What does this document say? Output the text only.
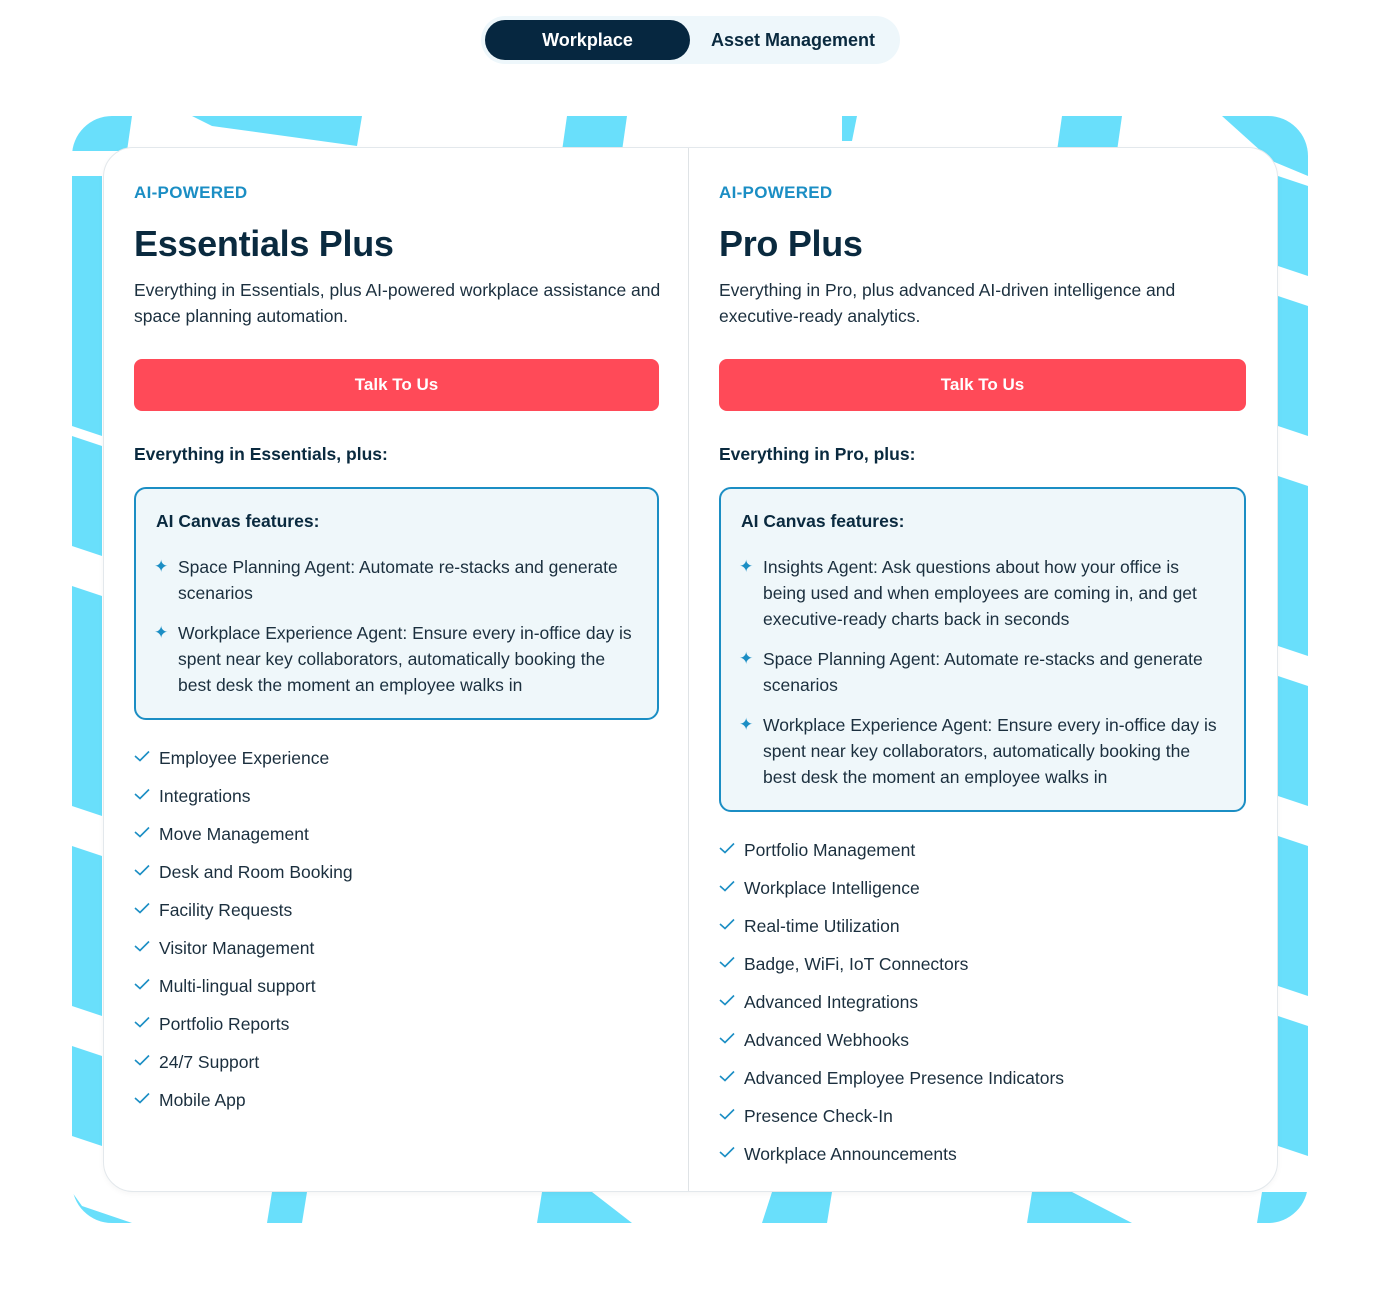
Workplace	Asset Management
AI-POWERED
Essentials Plus
Everything in Essentials, plus AI-powered workplace assistance and space planning automation.
Talk To Us
Everything in Essentials, plus:
AI Canvas features:
✦ Space Planning Agent: Automate re-stacks and generate scenarios
✦ Workplace Experience Agent: Ensure every in-office day is spent near key collaborators, automatically booking the best desk the moment an employee walks in
Employee Experience
Integrations
Move Management
Desk and Room Booking
Facility Requests
Visitor Management
Multi-lingual support
Portfolio Reports
24/7 Support
Mobile App
AI-POWERED
Pro Plus
Everything in Pro, plus advanced AI-driven intelligence and executive-ready analytics.
Talk To Us
Everything in Pro, plus:
AI Canvas features:
✦ Insights Agent: Ask questions about how your office is being used and when employees are coming in, and get executive-ready charts back in seconds
✦ Space Planning Agent: Automate re-stacks and generate scenarios
✦ Workplace Experience Agent: Ensure every in-office day is spent near key collaborators, automatically booking the best desk the moment an employee walks in
Portfolio Management
Workplace Intelligence
Real-time Utilization
Badge, WiFi, IoT Connectors
Advanced Integrations
Advanced Webhooks
Advanced Employee Presence Indicators
Presence Check-In
Workplace Announcements
